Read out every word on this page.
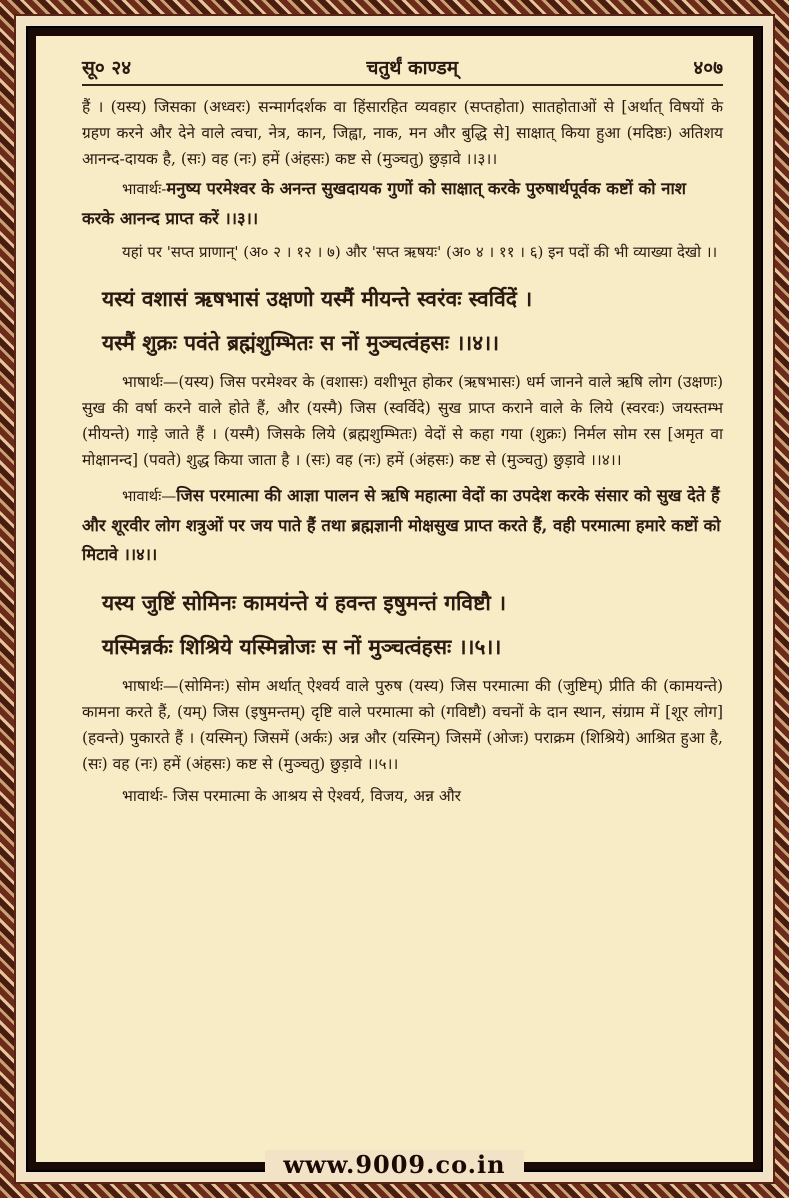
www.9009.co.in
सू० २४	चतुर्थं काण्डम्	४०७

हैं । (यस्य) जिसका (अध्वरः) सन्मार्गदर्शक वा हिंसारहित व्यवहार (सप्तहोता) सातहोताओं से [अर्थात् विषयों के ग्रहण करने और देने वाले त्वचा, नेत्र, कान, जिह्वा, नाक, मन और बुद्धि से] साक्षात् किया हुआ (मदिष्ठः) अतिशय आनन्द-दायक है, (सः) वह (नः) हमें (अंहसः) कष्ट से (मुञ्चतु) छुड़ावे ।।३।।

भावार्थः-मनुष्य परमेश्वर के अनन्त सुखदायक गुणों को साक्षात् करके पुरुषार्थपूर्वक कष्टों को नाश करके आनन्द प्राप्त करें ।।३।।

यहां पर 'सप्त प्राणान्' (अ० २ । १२ । ७) और 'सप्त ऋषयः' (अ० ४ । ११ । ६) इन पदों की भी व्याख्या देखो ।।

यस्यं वशासं ऋषभासं उक्षणो यस्मैं मीयन्ते स्वरंवः स्वर्विदें ।
यस्मैं शुक्रः पवंते ब्रह्मंशुम्भितः स नों मुञ्चत्वंहसः ।।४।।

भाषार्थः—(यस्य) जिस परमेश्वर के (वशासः) वशीभूत होकर (ऋषभासः) धर्म जानने वाले ऋषि लोग (उक्षणः) सुख की वर्षा करने वाले होते हैं, और (यस्मै) जिस (स्वर्विदे) सुख प्राप्त कराने वाले के लिये (स्वरवः) जयस्तम्भ (मीयन्ते) गाड़े जाते हैं । (यस्मै) जिसके लिये (ब्रह्मशुम्भितः) वेदों से कहा गया (शुक्रः) निर्मल सोम रस [अमृत वा मोक्षानन्द] (पवते) शुद्ध किया जाता है । (सः) वह (नः) हमें (अंहसः) कष्ट से (मुञ्चतु) छुड़ावे ।।४।।

भावार्थः—जिस परमात्मा की आज्ञा पालन से ऋषि महात्मा वेदों का उपदेश करके संसार को सुख देते हैं और शूरवीर लोग शत्रुओं पर जय पाते हैं तथा ब्रह्मज्ञानी मोक्षसुख प्राप्त करते हैं, वही परमात्मा हमारे कष्टों को मिटावे ।।४।।

यस्य जुष्टिं सोमिनः कामयंन्ते यं हवन्त इषुमन्तं गविष्टौ ।
यस्मिन्नर्कः शिश्रिये यस्मिन्नोजः स नों मुञ्चत्वंहसः ।।५।।

भाषार्थः—(सोमिनः) सोम अर्थात् ऐश्वर्य वाले पुरुष (यस्य) जिस परमात्मा की (जुष्टिम्) प्रीति की (कामयन्ते) कामना करते हैं, (यम्) जिस (इषुमन्तम्) दृष्टि वाले परमात्मा को (गविष्टौ) वचनों के दान स्थान, संग्राम में [शूर लोग] (हवन्ते) पुकारते हैं । (यस्मिन्) जिसमें (अर्कः) अन्न और (यस्मिन्) जिसमें (ओजः) पराक्रम (शिश्रिये) आश्रित हुआ है, (सः) वह (नः) हमें (अंहसः) कष्ट से (मुञ्चतु) छुड़ावे ।।५।।

भावार्थः- जिस परमात्मा के आश्रय से ऐश्वर्य, विजय, अन्न और
